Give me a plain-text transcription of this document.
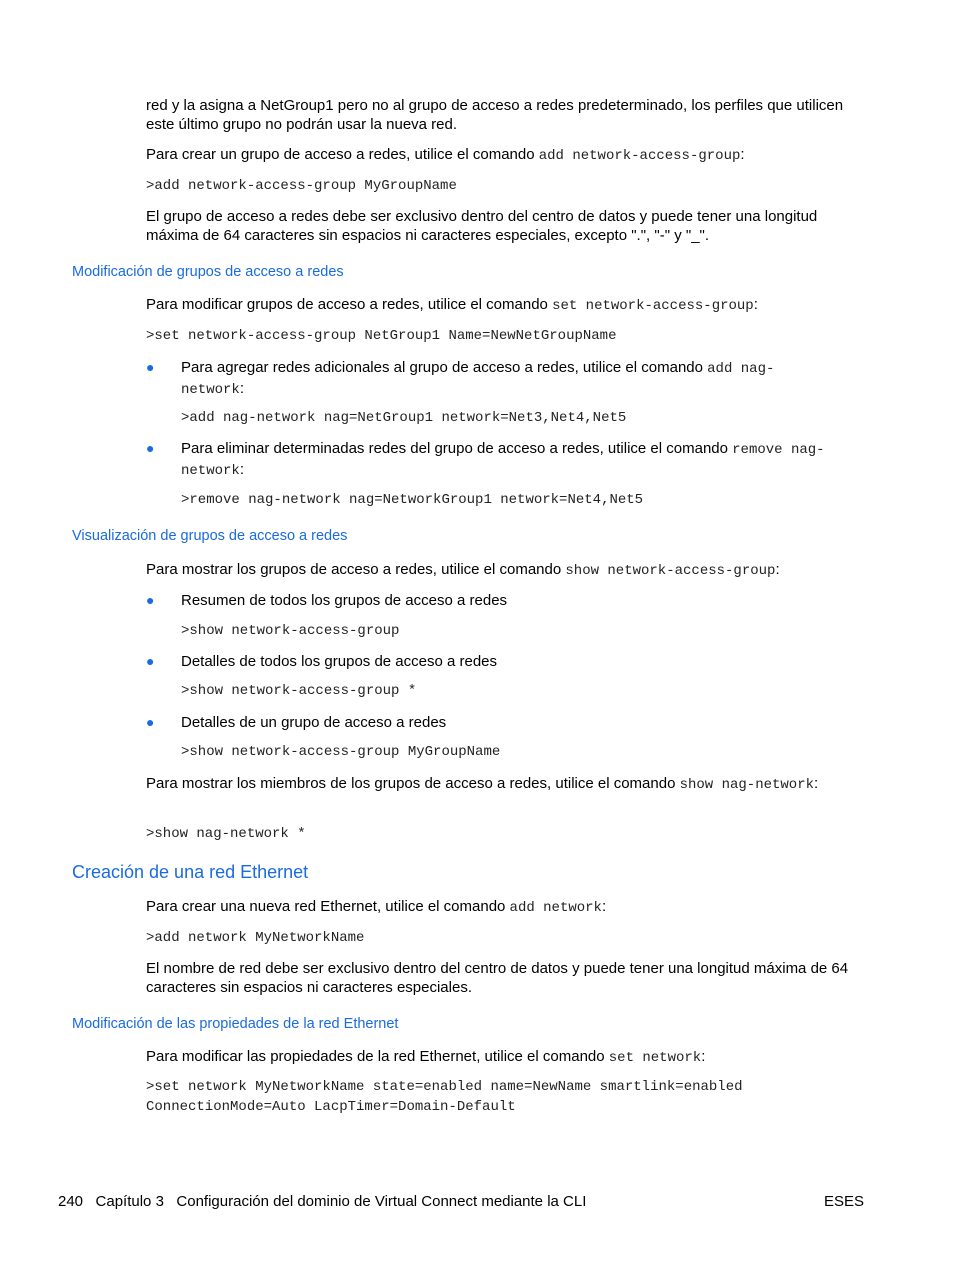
red y la asigna a NetGroup1 pero no al grupo de acceso a redes predeterminado, los perfiles que utilicen este último grupo no podrán usar la nueva red.

Para crear un grupo de acceso a redes, utilice el comando add network-access-group:

>add network-access-group MyGroupName

El grupo de acceso a redes debe ser exclusivo dentro del centro de datos y puede tener una longitud máxima de 64 caracteres sin espacios ni caracteres especiales, excepto ".", "-" y "_".

Modificación de grupos de acceso a redes

Para modificar grupos de acceso a redes, utilice el comando set network-access-group:

>set network-access-group NetGroup1 Name=NewNetGroupName

● Para agregar redes adicionales al grupo de acceso a redes, utilice el comando add nag-network:

>add nag-network nag=NetGroup1 network=Net3,Net4,Net5

● Para eliminar determinadas redes del grupo de acceso a redes, utilice el comando remove nag-network:

>remove nag-network nag=NetworkGroup1 network=Net4,Net5

Visualización de grupos de acceso a redes

Para mostrar los grupos de acceso a redes, utilice el comando show network-access-group:

● Resumen de todos los grupos de acceso a redes

>show network-access-group

● Detalles de todos los grupos de acceso a redes

>show network-access-group *

● Detalles de un grupo de acceso a redes

>show network-access-group MyGroupName

Para mostrar los miembros de los grupos de acceso a redes, utilice el comando show nag-network:

>show nag-network *

Creación de una red Ethernet

Para crear una nueva red Ethernet, utilice el comando add network:

>add network MyNetworkName

El nombre de red debe ser exclusivo dentro del centro de datos y puede tener una longitud máxima de 64 caracteres sin espacios ni caracteres especiales.

Modificación de las propiedades de la red Ethernet

Para modificar las propiedades de la red Ethernet, utilice el comando set network:

>set network MyNetworkName state=enabled name=NewName smartlink=enabled

ConnectionMode=Auto LacpTimer=Domain-Default

240   Capítulo 3   Configuración del dominio de Virtual Connect mediante la CLI	ESES
